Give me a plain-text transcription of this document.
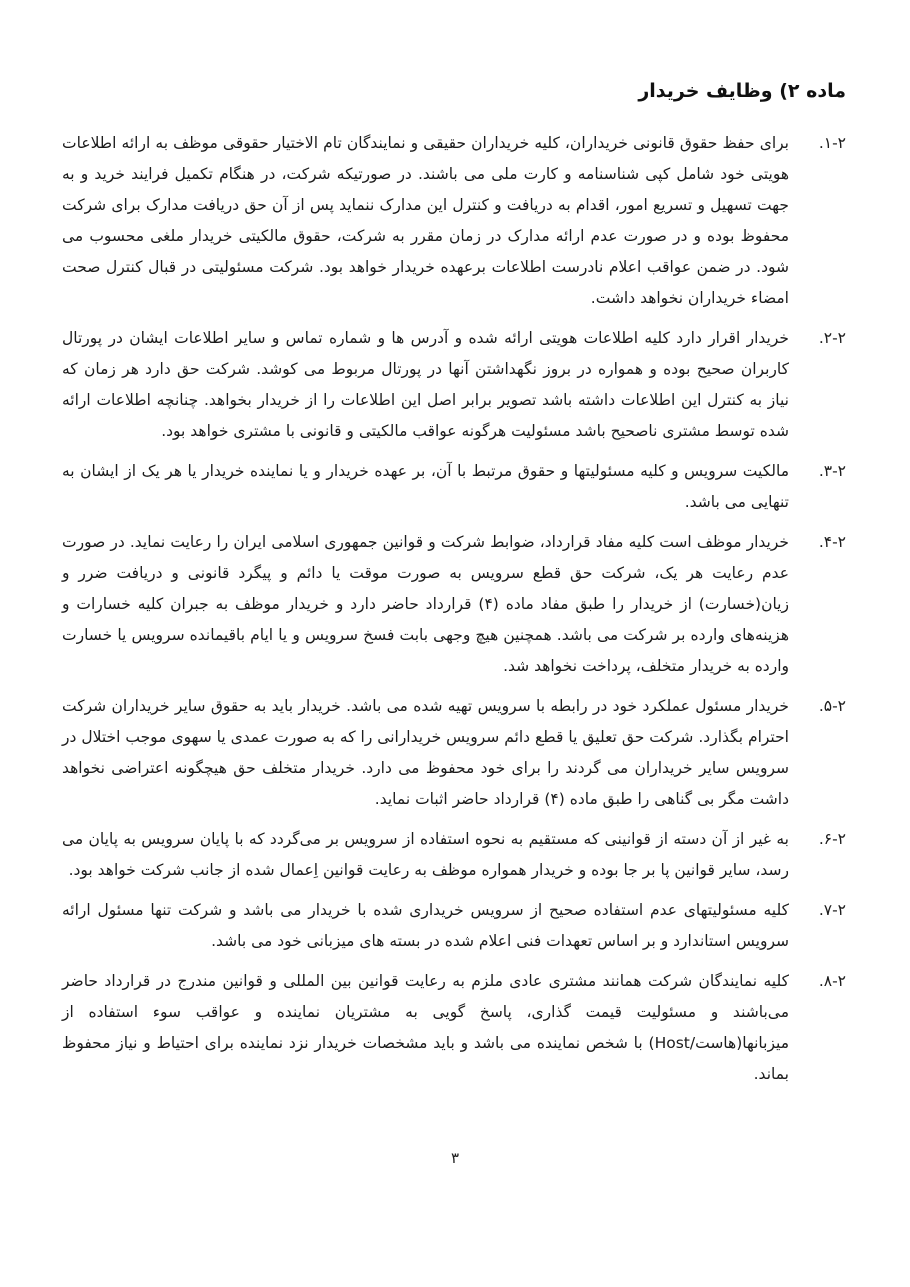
ماده ۲) وظایف خریدار
۱-۲.

برای حفظ حقوق قانونی خریداران، کلیه خریداران حقیقی و نمایندگان تام الاختیار حقوقی موظف به ارائه اطلاعات هویتی خود شامل کپی شناسنامه و کارت ملی می باشند. در صورتیکه شرکت، در هنگام تکمیل فرایند خرید و به جهت تسهیل و تسریع امور، اقدام به دریافت و کنترل این مدارک ننماید پس از آن حق دریافت مدارک برای شرکت محفوظ بوده و در صورت عدم ارائه مدارک در زمان مقرر به شرکت، حقوق مالکیتی خریدار ملغی محسوب می شود. در ضمن عواقب اعلام نادرست اطلاعات برعهده خریدار خواهد بود. شرکت مسئولیتی در قبال کنترل صحت امضاء خریداران نخواهد داشت.

۲-۲.

خریدار اقرار دارد کلیه اطلاعات هویتی ارائه شده و آدرس ها و شماره تماس و سایر اطلاعات ایشان در پورتال کاربران صحیح بوده و همواره در بروز نگهداشتن آنها در پورتال مربوط می کوشد. شرکت حق دارد هر زمان که نیاز به کنترل این اطلاعات داشته باشد تصویر برابر اصل این اطلاعات را از خریدار بخواهد. چنانچه اطلاعات ارائه شده توسط مشتری ناصحیح باشد مسئولیت هرگونه عواقب مالکیتی و قانونی با مشتری خواهد بود.

۳-۲.

مالکیت سرویس و کلیه مسئولیتها و حقوق مرتبط با آن، بر عهده خریدار و یا نماینده خریدار یا هر یک از ایشان به تنهایی می باشد.

۴-۲.

خریدار موظف است کلیه مفاد قرارداد، ضوابط شرکت و قوانین جمهوری اسلامی ایران را رعایت نماید. در صورت عدم رعایت هر یک، شرکت حق قطع سرویس به صورت موقت یا دائم و پیگرد قانونی و دریافت ضرر و زیان(خسارت) از خریدار را طبق مفاد ماده (۴) قرارداد حاضر دارد و خریدار موظف به جبران کلیه خسارات و هزینه‌های وارده بر شرکت می باشد. همچنین هیچ وجهی بابت فسخ سرویس و یا ایام باقیمانده سرویس یا خسارت وارده به خریدار متخلف، پرداخت نخواهد شد.

۵-۲.

خریدار مسئول عملکرد خود در رابطه با سرویس تهیه شده می باشد. خریدار باید به حقوق سایر خریداران شرکت احترام بگذارد. شرکت حق تعلیق یا قطع دائم سرویس خریدارانی را که به صورت عمدی یا سهوی موجب اختلال در سرویس سایر خریداران می گردند را برای خود محفوظ می دارد. خریدار متخلف حق هیچگونه اعتراضی نخواهد داشت مگر بی گناهی را طبق ماده (۴) قرارداد حاضر اثبات نماید.

۶-۲.

به غیر از آن دسته از قوانینی که مستقیم به نحوه استفاده از سرویس بر می‌گردد که با پایان سرویس به پایان می رسد، سایر قوانین پا بر جا بوده و خریدار همواره موظف به رعایت قوانین اِعمال شده از جانب شرکت خواهد بود.

۷-۲.

کلیه مسئولیتهای عدم استفاده صحیح از سرویس خریداری شده با خریدار می باشد و شرکت تنها مسئول ارائه سرویس استاندارد و بر اساس تعهدات فنی اعلام شده در بسته های میزبانی خود می باشد.

۸-۲.

کلیه نمایندگان شرکت همانند مشتری عادی ملزم به رعایت قوانین بین المللی و قوانین مندرج در قرارداد حاضر می‌باشند و مسئولیت قیمت گذاری، پاسخ گویی به مشتریان نماینده و عواقب سوء استفاده از میزبانها(هاست/Host) با شخص نماینده می باشد و باید مشخصات خریدار نزد نماینده برای احتیاط و نیاز محفوظ بماند.

۳
